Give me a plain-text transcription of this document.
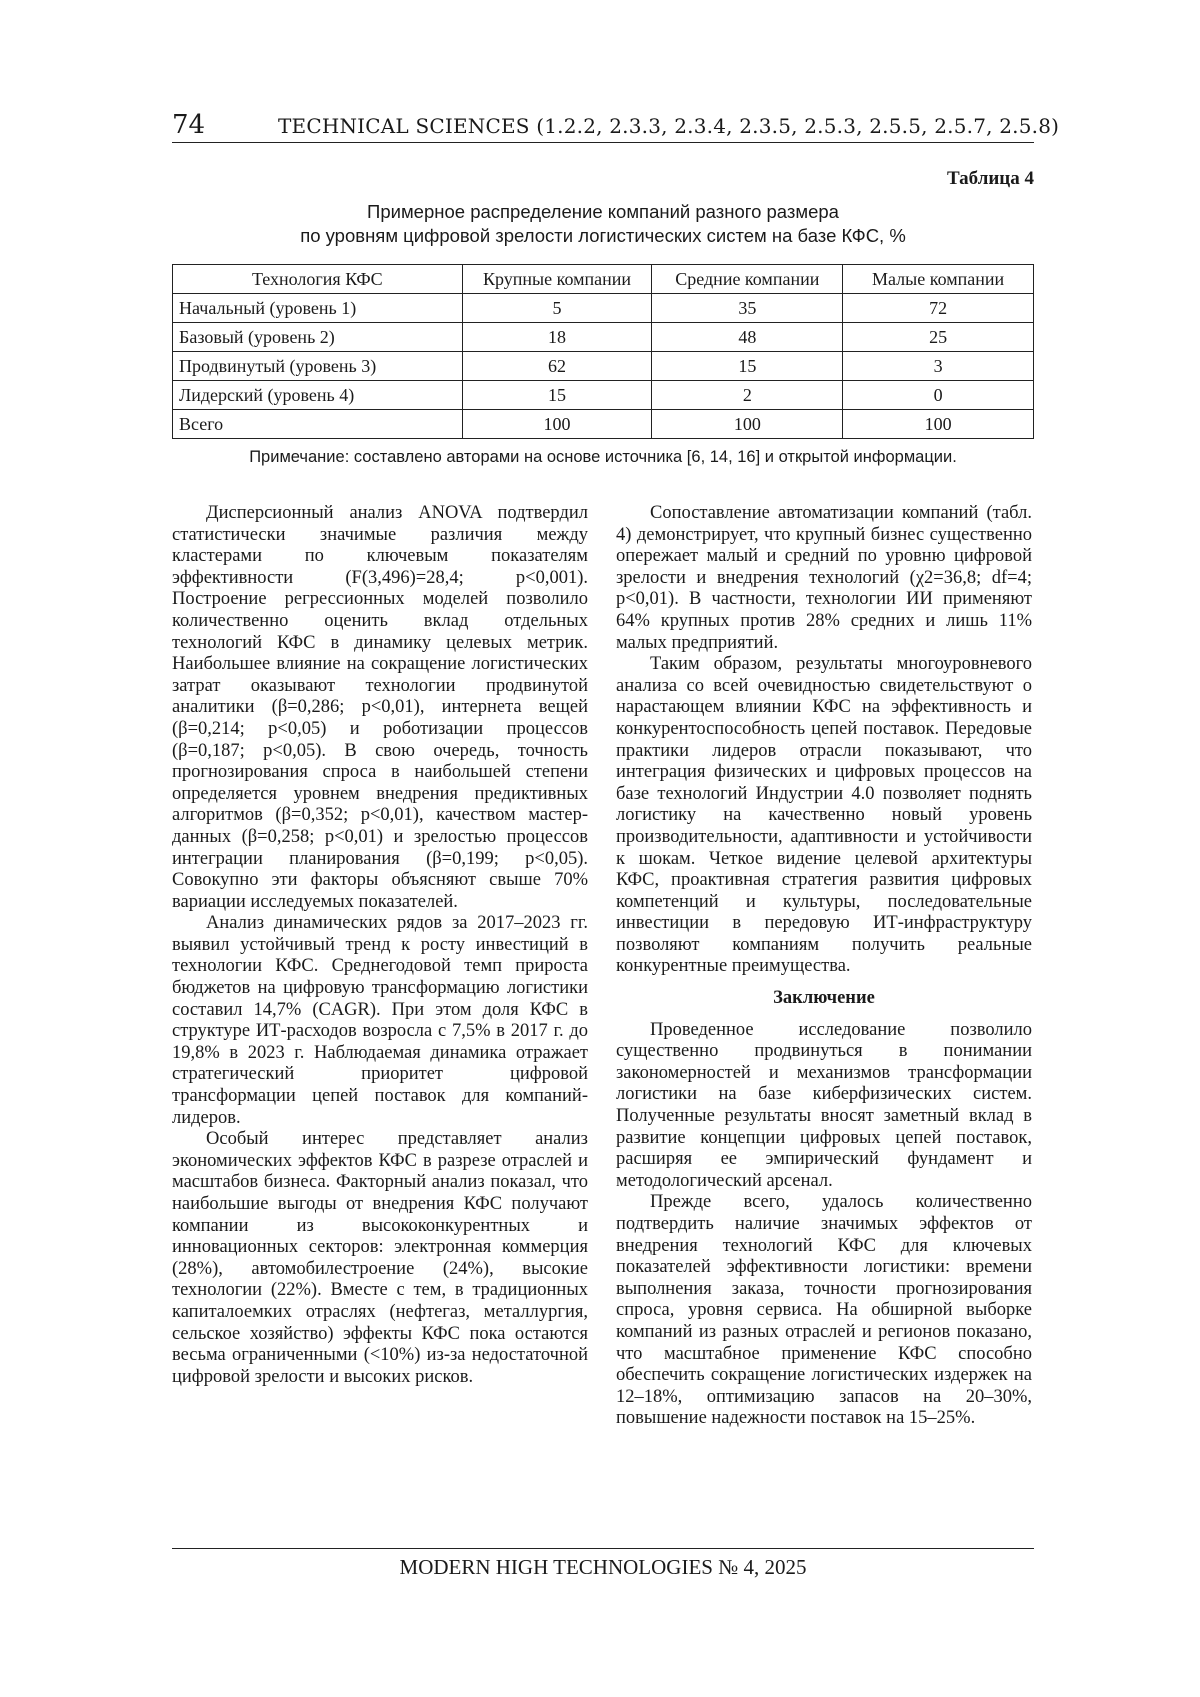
74	TECHNICAL SCIENCES (1.2.2, 2.3.3, 2.3.4, 2.3.5, 2.5.3, 2.5.5, 2.5.7, 2.5.8)
Таблица 4
Примерное распределение компаний разного размера
по уровням цифровой зрелости логистических систем на базе КФС, %
Технология КФС	Крупные компании	Средние компании	Малые компании
Начальный (уровень 1)	5	35	72
Базовый (уровень 2)	18	48	25
Продвинутый (уровень 3)	62	15	3
Лидерский (уровень 4)	15	2	0
Всего	100	100	100
Примечание: составлено авторами на основе источника [6, 14, 16] и открытой информации.

Дисперсионный анализ ANOVA подтвердил статистически значимые различия между кластерами по ключевым показателям эффективности (F(3,496)=28,4; p<0,001). Построение регрессионных моделей позволило количественно оценить вклад отдельных технологий КФС в динамику целевых метрик. Наибольшее влияние на сокращение логистических затрат оказывают технологии продвинутой аналитики (β=0,286; p<0,01), интернета вещей (β=0,214; p<0,05) и роботизации процессов (β=0,187; p<0,05). В свою очередь, точность прогнозирования спроса в наибольшей степени определяется уровнем внедрения предиктивных алгоритмов (β=0,352; p<0,01), качеством мастер-данных (β=0,258; p<0,01) и зрелостью процессов интеграции планирования (β=0,199; p<0,05). Совокупно эти факторы объясняют свыше 70% вариации исследуемых показателей.

Анализ динамических рядов за 2017–2023 гг. выявил устойчивый тренд к росту инвестиций в технологии КФС. Среднегодовой темп прироста бюджетов на цифровую трансформацию логистики составил 14,7% (CAGR). При этом доля КФС в структуре ИТ-расходов возросла с 7,5% в 2017 г. до 19,8% в 2023 г. Наблюдаемая динамика отражает стратегический приоритет цифровой трансформации цепей поставок для компаний-лидеров.

Особый интерес представляет анализ экономических эффектов КФС в разрезе отраслей и масштабов бизнеса. Факторный анализ показал, что наибольшие выгоды от внедрения КФС получают компании из высококонкурентных и инновационных секторов: электронная коммерция (28%), автомобилестроение (24%), высокие технологии (22%). Вместе с тем, в традиционных капиталоемких отраслях (нефтегаз, металлургия, сельское хозяйство) эффекты КФС пока остаются весьма ограниченными (<10%) из-за недостаточной цифровой зрелости и высоких рисков.

Сопоставление автоматизации компаний (табл. 4) демонстрирует, что крупный бизнес существенно опережает малый и средний по уровню цифровой зрелости и внедрения технологий (χ2=36,8; df=4; p<0,01). В частности, технологии ИИ применяют 64% крупных против 28% средних и лишь 11% малых предприятий.

Таким образом, результаты многоуровневого анализа со всей очевидностью свидетельствуют о нарастающем влиянии КФС на эффективность и конкурентоспособность цепей поставок. Передовые практики лидеров отрасли показывают, что интеграция физических и цифровых процессов на базе технологий Индустрии 4.0 позволяет поднять логистику на качественно новый уровень производительности, адаптивности и устойчивости к шокам. Четкое видение целевой архитектуры КФС, проактивная стратегия развития цифровых компетенций и культуры, последовательные инвестиции в передовую ИТ-инфраструктуру позволяют компаниям получить реальные конкурентные преимущества.

Заключение

Проведенное исследование позволило существенно продвинуться в понимании закономерностей и механизмов трансформации логистики на базе киберфизических систем. Полученные результаты вносят заметный вклад в развитие концепции цифровых цепей поставок, расширяя ее эмпирический фундамент и методологический арсенал.

Прежде всего, удалось количественно подтвердить наличие значимых эффектов от внедрения технологий КФС для ключевых показателей эффективности логистики: времени выполнения заказа, точности прогнозирования спроса, уровня сервиса. На обширной выборке компаний из разных отраслей и регионов показано, что масштабное применение КФС способно обеспечить сокращение логистических издержек на 12–18%, оптимизацию запасов на 20–30%, повышение надежности поставок на 15–25%.

MODERN HIGH TECHNOLOGIES № 4, 2025
